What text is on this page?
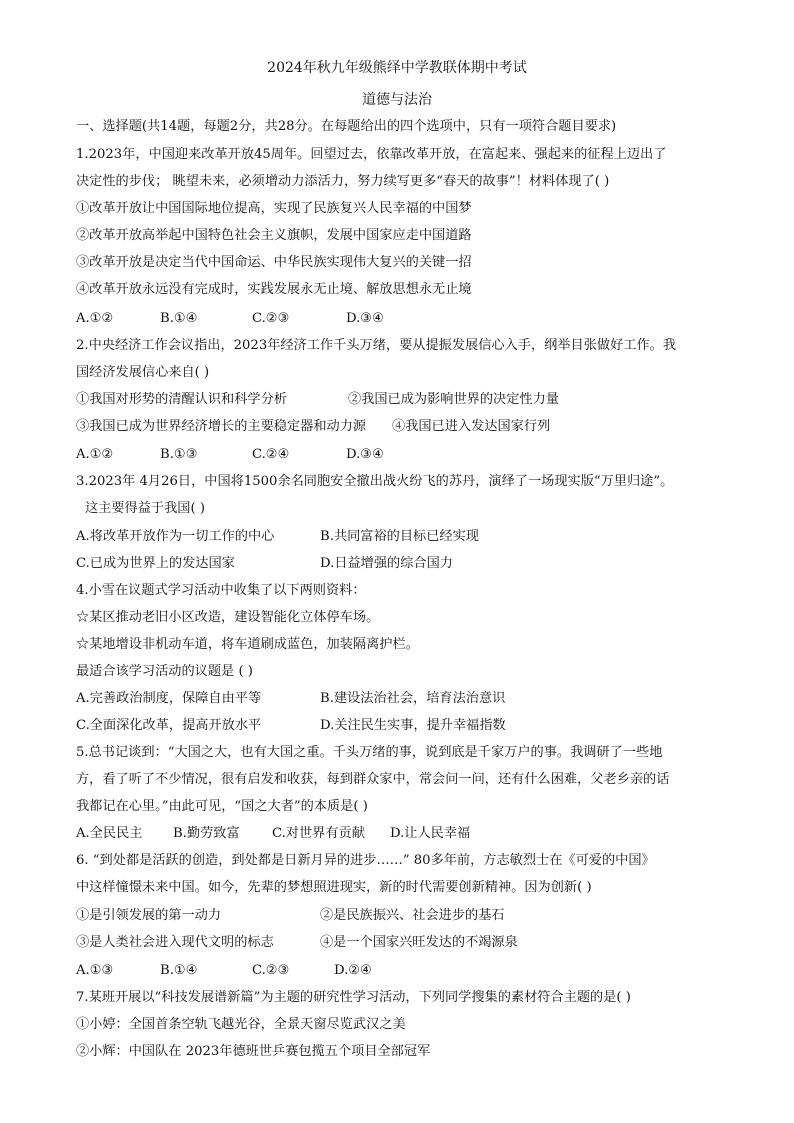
2024年秋九年级熊绎中学教联体期中考试
道德与法治
一、选择题(共14题，每题2分，共28分。在每题给出的四个选项中，只有一项符合题目要求)
1.2023年，中国迎来改革开放45周年。回望过去，依靠改革开放，在富起来、强起来的征程上迈出了
决定性的步伐； 眺望未来，必须增动力添活力，努力续写更多“春天的故事”！材料体现了( )
①改革开放让中国国际地位提高，实现了民族复兴人民幸福的中国梦
②改革开放高举起中国特色社会主义旗帜，发展中国家应走中国道路
③改革开放是决定当代中国命运、中华民族实现伟大复兴的关键一招
④改革开放永远没有完成时，实践发展永无止境、解放思想永无止境
A.①②	B.①④	C.②③	D.③④
2.中央经济工作会议指出，2023年经济工作千头万绪，要从提振发展信心入手，纲举目张做好工作。我
国经济发展信心来自( )
①我国对形势的清醒认识和科学分析	②我国已成为影响世界的决定性力量
③我国已成为世界经济增长的主要稳定器和动力源 ④我国已进入发达国家行列
A.①②	B.①③	C.②④	D.③④
3.2023年 4月26日，中国将1500余名同胞安全撤出战火纷飞的苏丹，演绎了一场现实版“万里归途”。
这主要得益于我国( )
A.将改革开放作为一切工作的中心	B.共同富裕的目标已经实现
C.已成为世界上的发达国家	D.日益增强的综合国力
4.小雪在议题式学习活动中收集了以下两则资料：
☆某区推动老旧小区改造，建设智能化立体停车场。
☆某地增设非机动车道，将车道刷成蓝色，加装隔离护栏。
最适合该学习活动的议题是 ( )
A.完善政治制度，保障自由平等	B.建设法治社会，培育法治意识
C.全面深化改革，提高开放水平	D.关注民生实事，提升幸福指数
5.总书记谈到：“大国之大，也有大国之重。千头万绪的事，说到底是千家万户的事。我调研了一些地
方，看了听了不少情况，很有启发和收获，每到群众家中，常会问一问，还有什么困难，父老乡亲的话
我都记在心里。”由此可见，“国之大者”的本质是( )
A.全民民主 B.勤劳致富 C.对世界有贡献 D.让人民幸福
6. “到处都是活跃的创造，到处都是日新月异的进步……” 80多年前，方志敏烈士在《可爱的中国》
中这样憧憬未来中国。如今，先辈的梦想照进现实，新的时代需要创新精神。因为创新( )
①是引领发展的第一动力	②是民族振兴、社会进步的基石
③是人类社会进入现代文明的标志	④是一个国家兴旺发达的不竭源泉
A.①③	B.①④	C.②③	D.②④
7.某班开展以“科技发展谱新篇”为主题的研究性学习活动，下列同学搜集的素材符合主题的是( )
①小婷：全国首条空轨飞越光谷，全景天窗尽览武汉之美
②小辉：中国队在 2023年德班世乒赛包揽五个项目全部冠军
